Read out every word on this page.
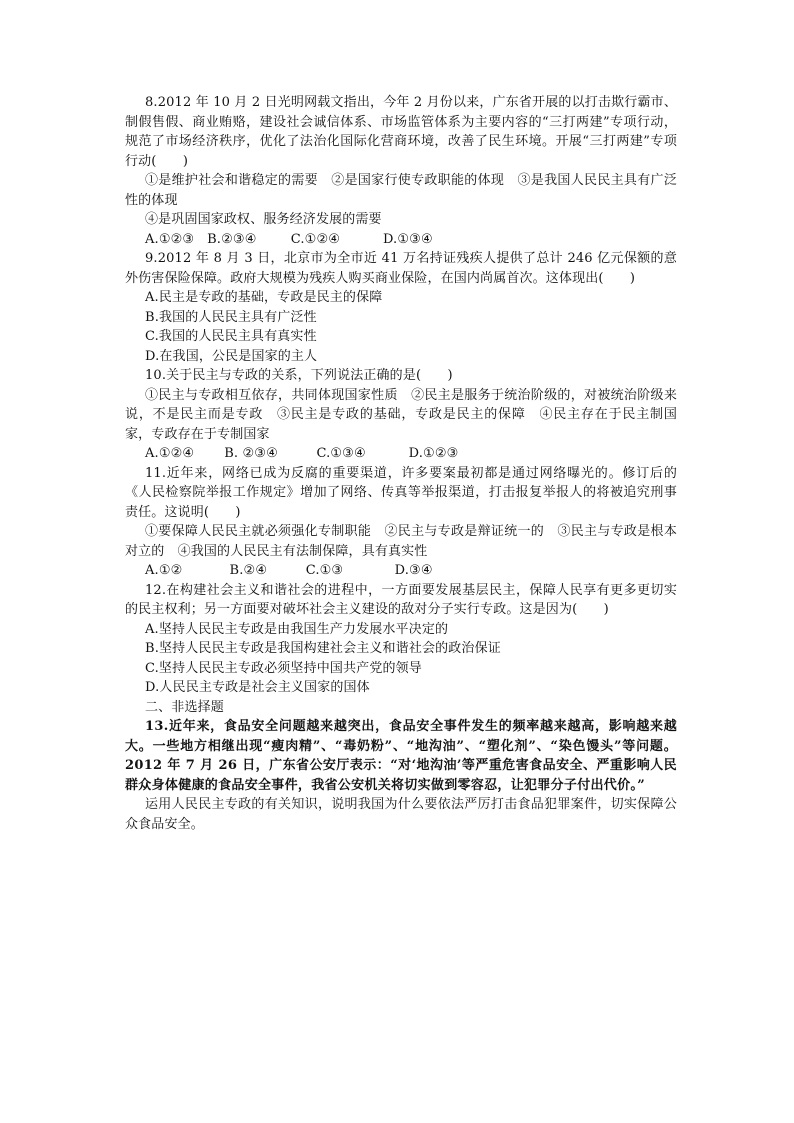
8.2012 年 10 月 2 日光明网载文指出，今年 2 月份以来，广东省开展的以打击欺行霸市、制假售假、商业贿赂，建设社会诚信体系、市场监管体系为主要内容的“三打两建”专项行动，规范了市场经济秩序，优化了法治化国际化营商环境，改善了民生环境。开展“三打两建”专项行动(　　)

①是维护社会和谐稳定的需要　②是国家行使专政职能的体现　③是我国人民民主具有广泛性的体现

④是巩固国家政权、服务经济发展的需要
A.①②③ B.②③④	C.①②④	D.①③④

9.2012 年 8 月 3 日，北京市为全市近 41 万名持证残疾人提供了总计 246 亿元保额的意外伤害保险保障。政府大规模为残疾人购买商业保险，在国内尚属首次。这体现出(　　)

A.民主是专政的基础，专政是民主的保障
B.我国的人民民主具有广泛性
C.我国的人民民主具有真实性
D.在我国，公民是国家的主人

10.关于民主与专政的关系，下列说法正确的是(　　)

①民主与专政相互依存，共同体现国家性质　②民主是服务于统治阶级的，对被统治阶级来说，不是民主而是专政　③民主是专政的基础，专政是民主的保障　④民主存在于民主制国家，专政存在于专制国家

A.①②④ B. ②③④	C.①③④	D.①②③

11.近年来，网络已成为反腐的重要渠道，许多要案最初都是通过网络曝光的。修订后的《人民检察院举报工作规定》增加了网络、传真等举报渠道，打击报复举报人的将被追究刑事责任。这说明(　　)

①要保障人民民主就必须强化专制职能　②民主与专政是辩证统一的　③民主与专政是根本对立的　④我国的人民民主有法制保障，具有真实性

A.①②	B.②④	C.①③	D.③④

12.在构建社会主义和谐社会的进程中，一方面要发展基层民主，保障人民享有更多更切实的民主权利；另一方面要对破坏社会主义建设的敌对分子实行专政。这是因为(　　)

A.坚持人民民主专政是由我国生产力发展水平决定的
B.坚持人民民主专政是我国构建社会主义和谐社会的政治保证
C.坚持人民民主专政必须坚持中国共产党的领导
D.人民民主专政是社会主义国家的国体
二、非选择题

13.近年来，食品安全问题越来越突出，食品安全事件发生的频率越来越高，影响越来越大。一些地方相继出现“瘦肉精”、“毒奶粉”、“地沟油”、“塑化剂”、“染色馒头”等问题。2012 年 7 月 26 日，广东省公安厅表示：“对‘地沟油’等严重危害食品安全、严重影响人民群众身体健康的食品安全事件，我省公安机关将切实做到零容忍，让犯罪分子付出代价。”

运用人民民主专政的有关知识，说明我国为什么要依法严厉打击食品犯罪案件，切实保障公众食品安全。
